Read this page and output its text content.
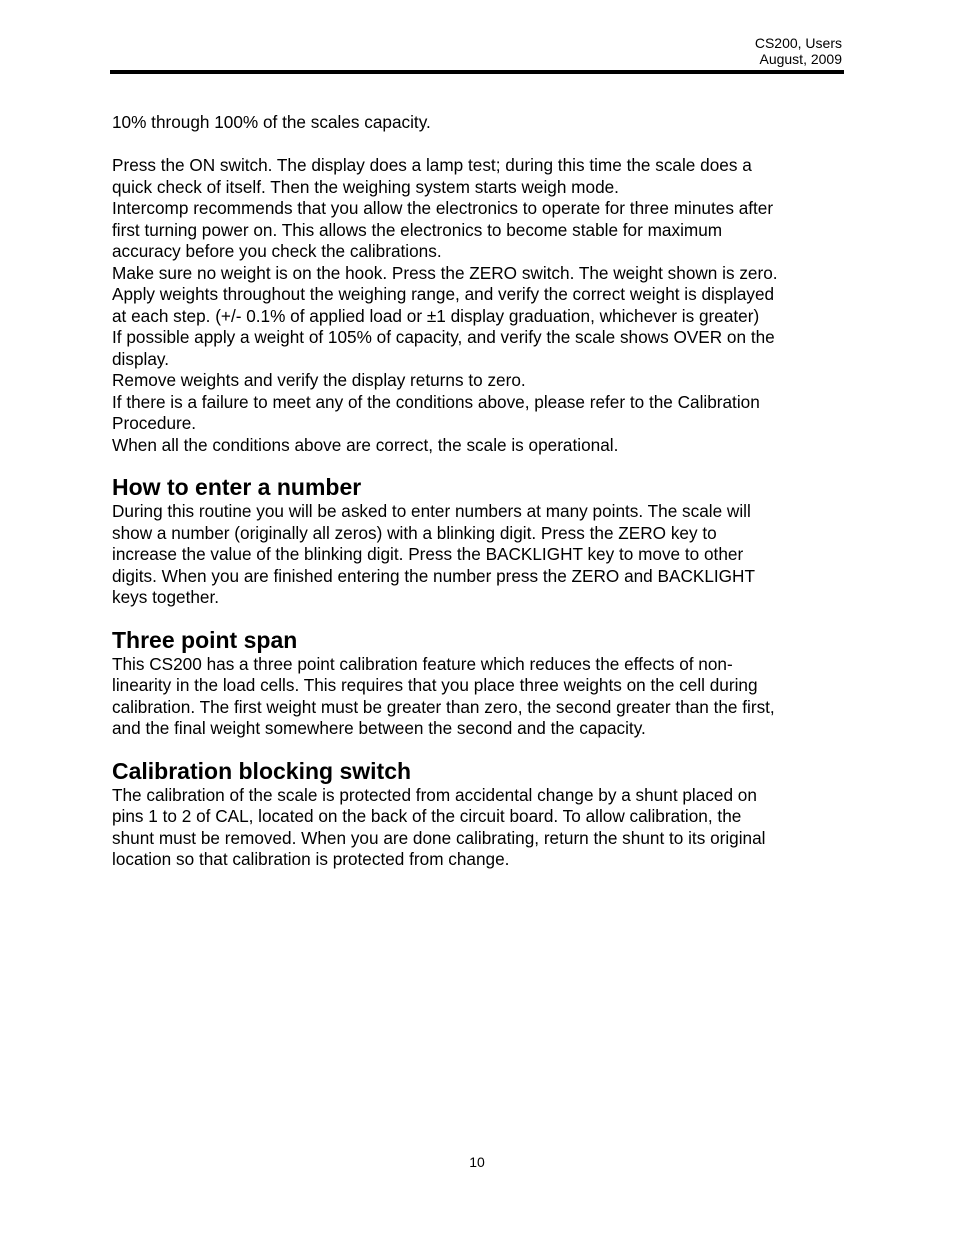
CS200, Users
August, 2009

10% through 100% of the scales capacity.

Press the ON switch. The display does a lamp test; during this time the scale does a

quick check of itself. Then the weighing system starts weigh mode.

Intercomp recommends that you allow the electronics to operate for three minutes after

first turning power on. This allows the electronics to become stable for maximum

accuracy before you check the calibrations.

Make sure no weight is on the hook. Press the ZERO switch. The weight shown is zero.

Apply weights throughout the weighing range, and verify the correct weight is displayed

at each step. (+/- 0.1% of applied load or ±1 display graduation, whichever is greater)

If possible apply a weight of 105% of capacity, and verify the scale shows OVER on the

display.

Remove weights and verify the display returns to zero.

If there is a failure to meet any of the conditions above, please refer to the Calibration

Procedure.

When all the conditions above are correct, the scale is operational.

How to enter a number

During this routine you will be asked to enter numbers at many points. The scale will

show a number (originally all zeros) with a blinking digit. Press the ZERO key to

increase the value of the blinking digit. Press the BACKLIGHT key to move to other

digits. When you are finished entering the number press the ZERO and BACKLIGHT

keys together.

Three point span

This CS200 has a three point calibration feature which reduces the effects of non-

linearity in the load cells. This requires that you place three weights on the cell during

calibration. The first weight must be greater than zero, the second greater than the first,

and the final weight somewhere between the second and the capacity.

Calibration blocking switch

The calibration of the scale is protected from accidental change by a shunt placed on

pins 1 to 2 of CAL, located on the back of the circuit board. To allow calibration, the

shunt must be removed. When you are done calibrating, return the shunt to its original

location so that calibration is protected from change.

10
